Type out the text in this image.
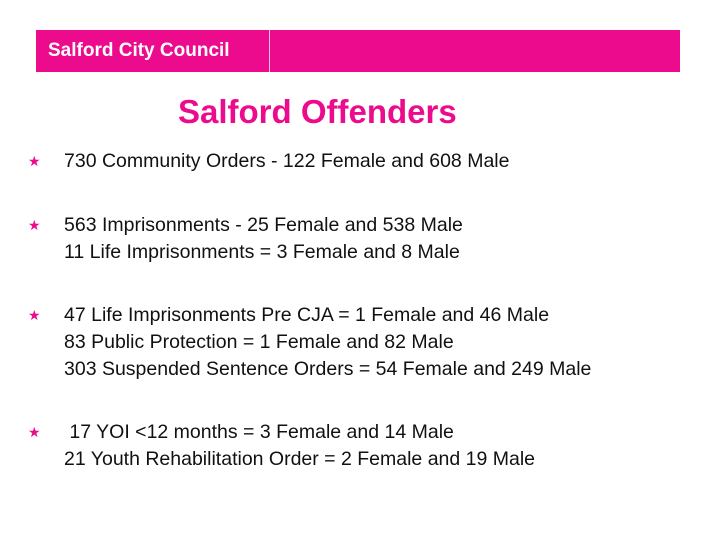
Salford City Council
Salford Offenders
★ 730 Community Orders - 122 Female and 608 Male
★ 563 Imprisonments - 25 Female and 538 Male
11 Life Imprisonments = 3 Female and 8 Male
★ 47 Life Imprisonments Pre CJA = 1 Female and 46 Male
83 Public Protection = 1 Female and 82 Male
303 Suspended Sentence Orders = 54 Female and 249 Male
★ 17 YOI <12 months = 3 Female and 14 Male
21 Youth Rehabilitation Order = 2 Female and 19 Male
